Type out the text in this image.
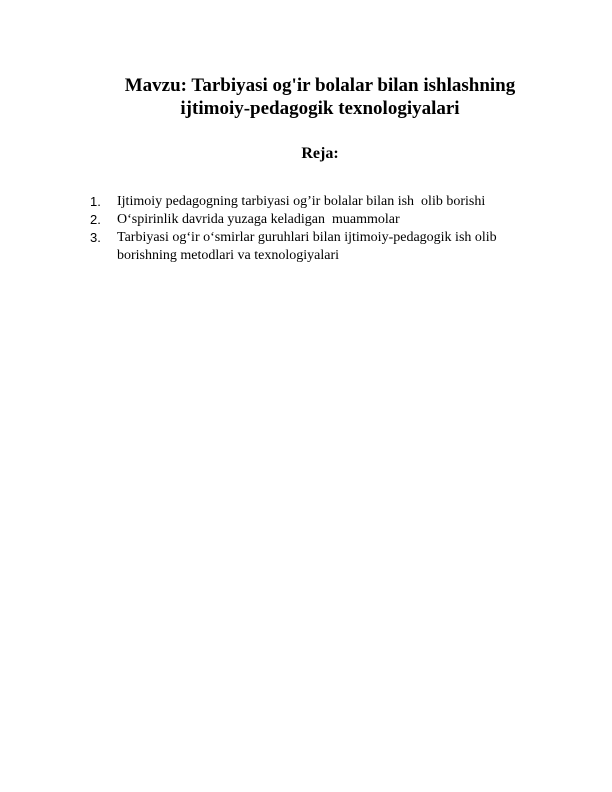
Mavzu: Tarbiyasi og'ir bolalar bilan ishlashning
ijtimoiy-pedagogik texnologiyalari
Reja:
1. Ijtimoiy pedagogning tarbiyasi og’ir bolalar bilan ish  olib borishi
2. O‘spirinlik davrida yuzaga keladigan  muammolar
3. Tarbiyasi og‘ir o‘smirlar guruhlari bilan ijtimoiy-pedagogik ish olib
borishning metodlari va texnologiyalari
